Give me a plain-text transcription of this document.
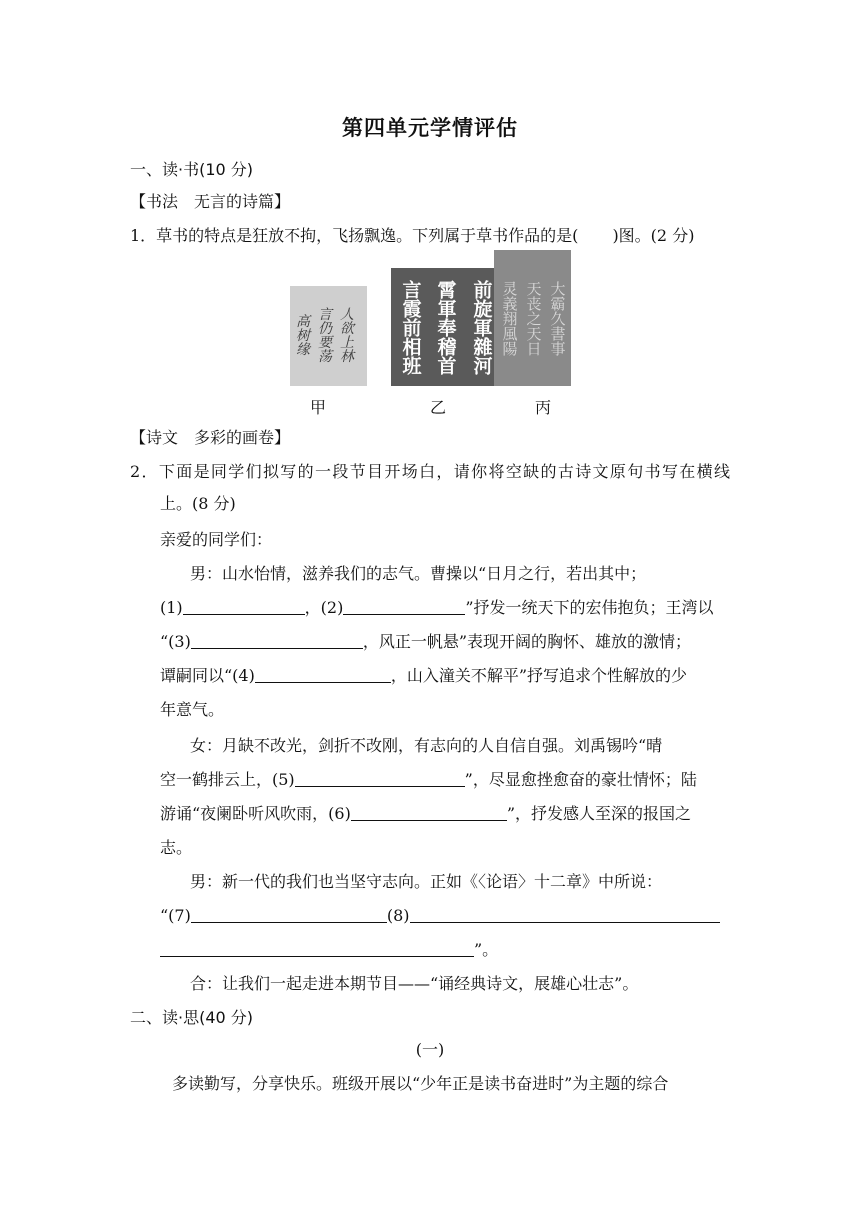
第四单元学情评估
一、读·书(10 分)
【书法　无言的诗篇】
1．草书的特点是狂放不拘，飞扬飘逸。下列属于草书作品的是( )图。(2 分)
人欲上林
言仍要荡
高树缘	前旋軍雜河
霄軍奉稽首
言霞前相班	大霸久書事
天丧之天日
灵義翔風陽
甲	乙	丙
【诗文　多彩的画卷】
2．下面是同学们拟写的一段节目开场白，请你将空缺的古诗文原句书写在横线
上。(8 分)
亲爱的同学们：
男：山水怡情，滋养我们的志气。曹操以“日月之行，若出其中；
(1)	，(2)	”抒发一统天下的宏伟抱负；王湾以
“(3)	，风正一帆悬”表现开阔的胸怀、雄放的激情；
谭嗣同以“(4)	，山入潼关不解平”抒写追求个性解放的少
年意气。
女：月缺不改光，剑折不改刚，有志向的人自信自强。刘禹锡吟“晴
空一鹤排云上，(5)	”，尽显愈挫愈奋的豪壮情怀；陆
游诵“夜阑卧听风吹雨，(6)	”，抒发感人至深的报国之
志。
男：新一代的我们也当坚守志向。正如《〈论语〉十二章》中所说：
“(7)	(8)
”。
合：让我们一起走进本期节目——“诵经典诗文，展雄心壮志”。
二、读·思(40 分)
(一)
多读勤写，分享快乐。班级开展以“少年正是读书奋进时”为主题的综合
